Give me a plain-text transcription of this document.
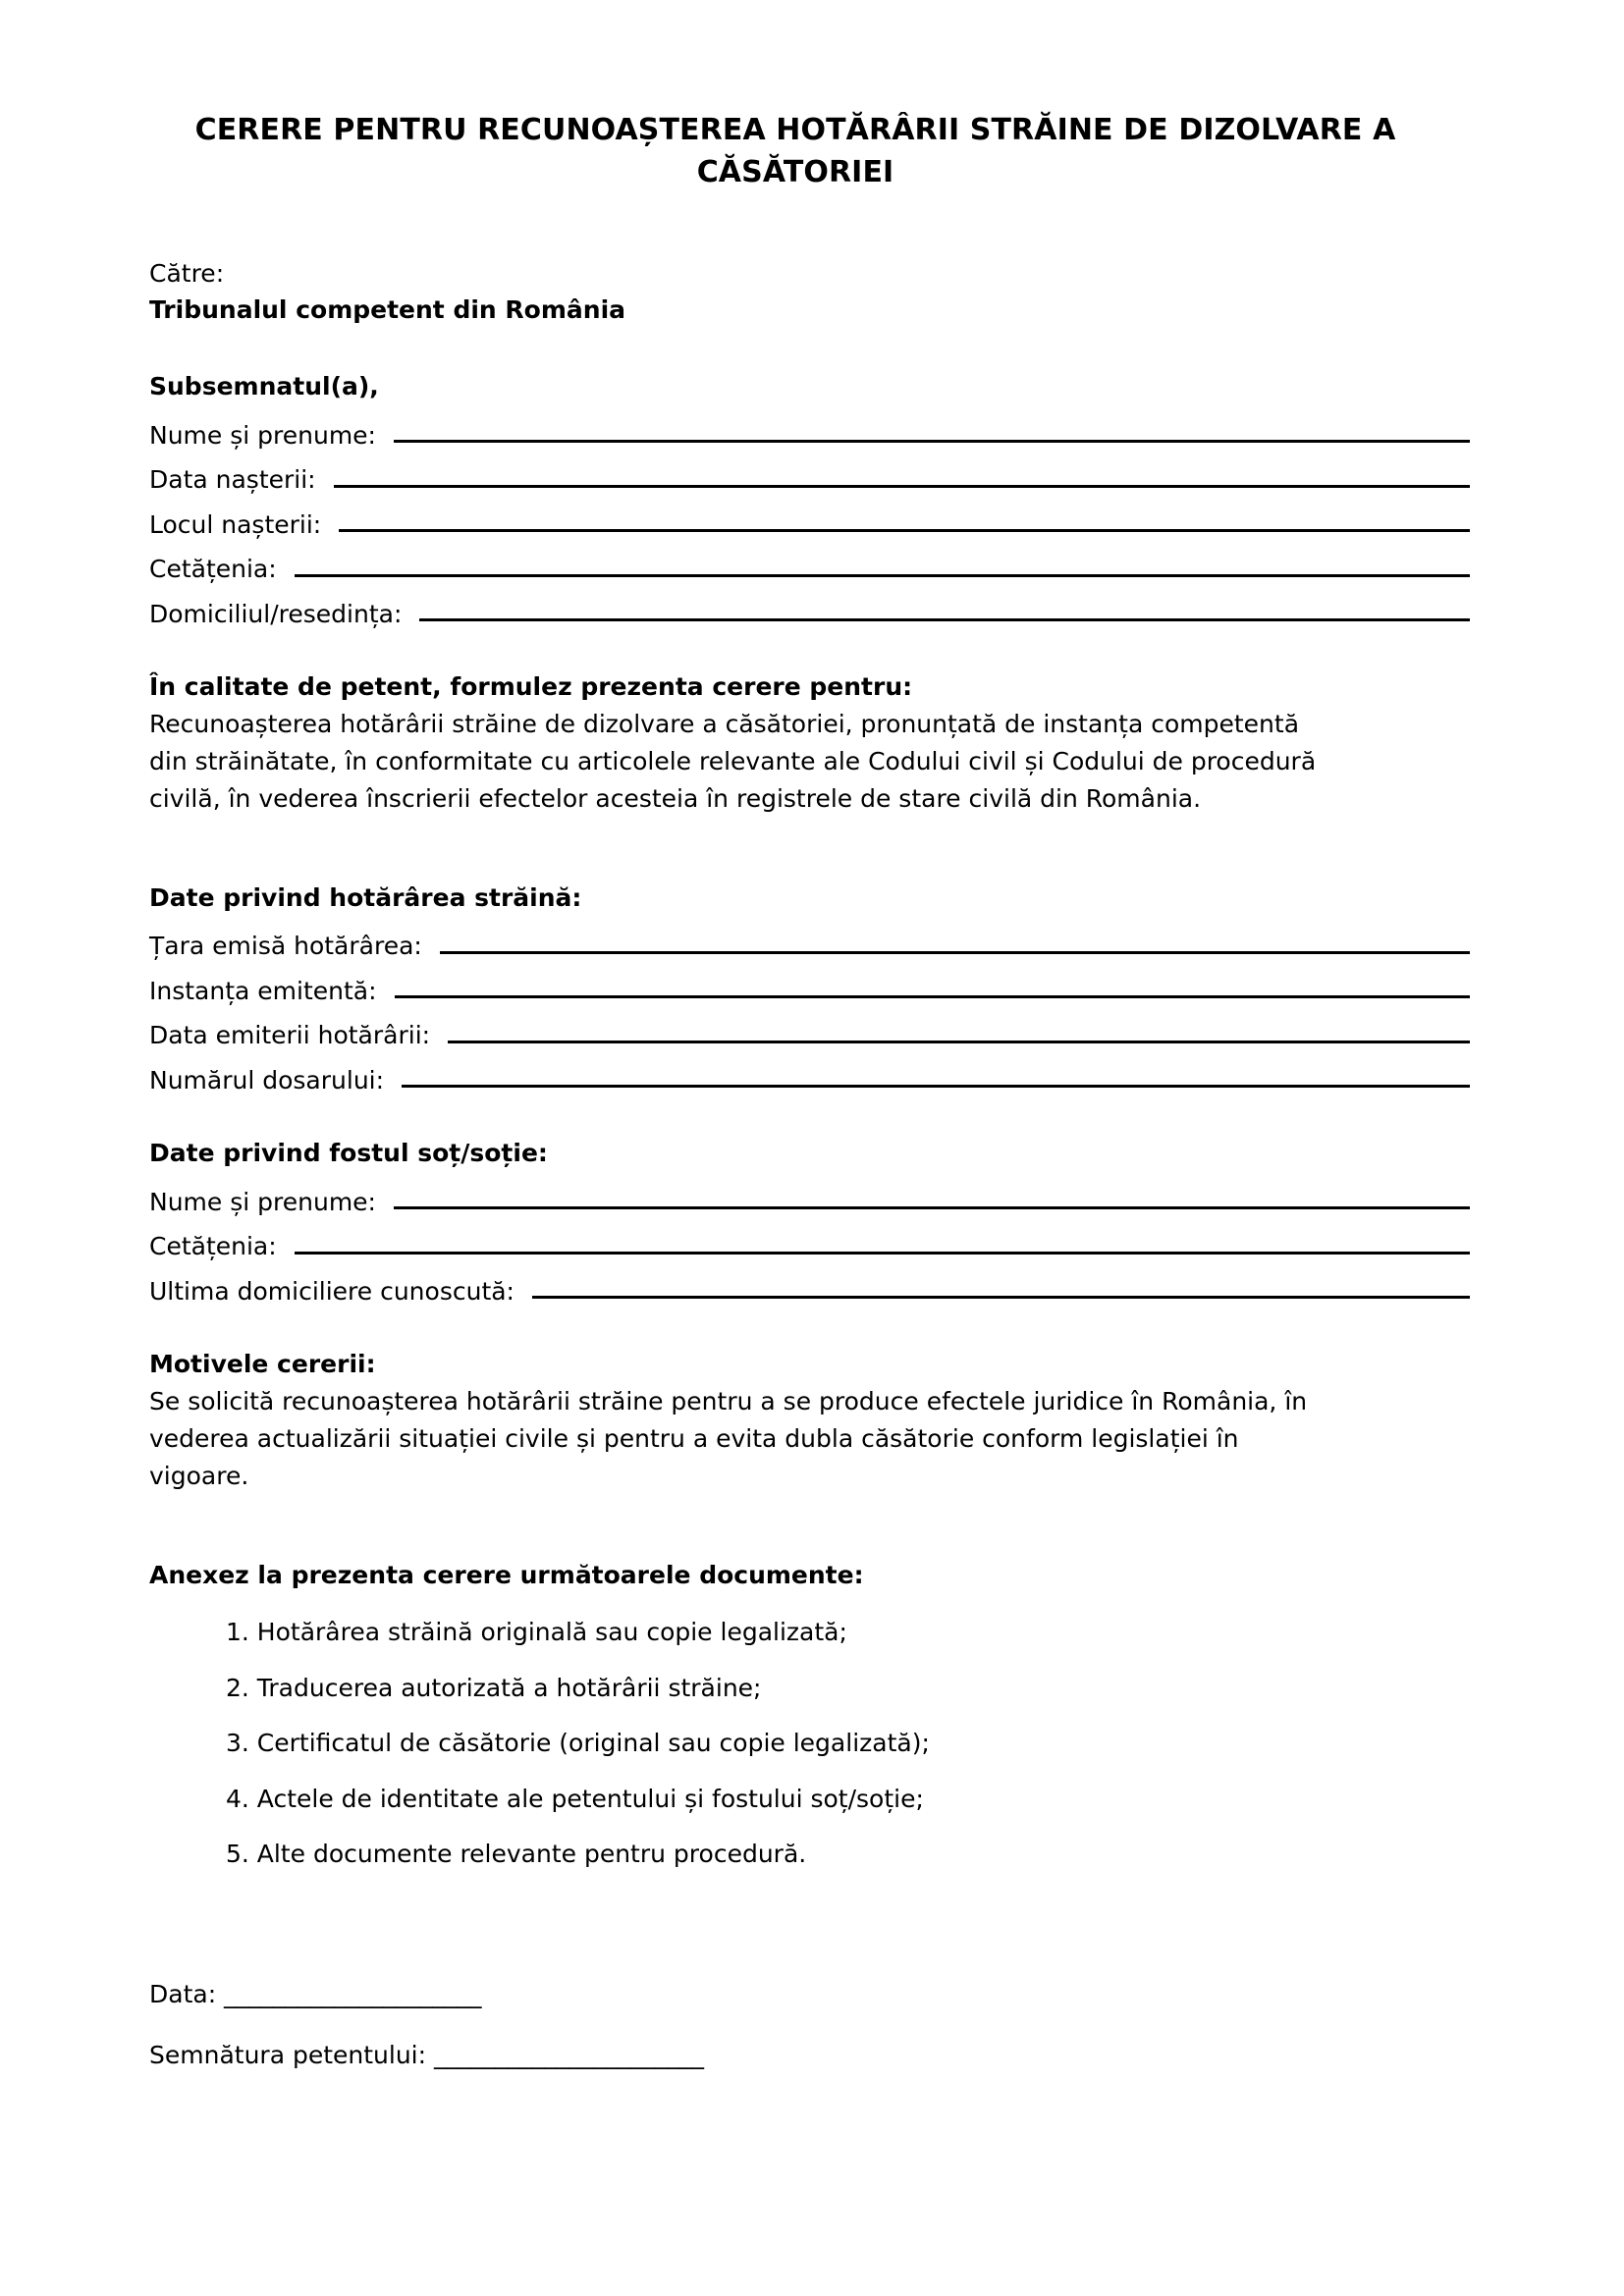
CERERE PENTRU RECUNOAȘTEREA HOTĂRÂRII STRĂINE DE DIZOLVARE A CĂSĂTORIEI

Către:

Tribunalul competent din România

Subsemnatul(a),

Nume și prenume:
Data nașterii:
Locul nașterii:
Cetățenia:
Domiciliul/resedința:

În calitate de petent, formulez prezenta cerere pentru:

Recunoașterea hotărârii străine de dizolvare a căsătoriei, pronunțată de instanța competentă din străinătate, în conformitate cu articolele relevante ale Codului civil și Codului de procedură civilă, în vederea înscrierii efectelor acesteia în registrele de stare civilă din România.

Date privind hotărârea străină:

Țara emisă hotărârea:
Instanța emitentă:
Data emiterii hotărârii:
Numărul dosarului:

Date privind fostul soț/soție:

Nume și prenume:
Cetățenia:
Ultima domiciliere cunoscută:

Motivele cererii:

Se solicită recunoașterea hotărârii străine pentru a se produce efectele juridice în România, în vederea actualizării situației civile și pentru a evita dubla căsătorie conform legislației în vigoare.

Anexez la prezenta cerere următoarele documente:

1. Hotărârea străină originală sau copie legalizată;
2. Traducerea autorizată a hotărârii străine;
3. Certificatul de căsătorie (original sau copie legalizată);
4. Actele de identitate ale petentului și fostului soț/soție;
5. Alte documente relevante pentru procedură.

Data: _____________________

Semnătura petentului: ______________________
